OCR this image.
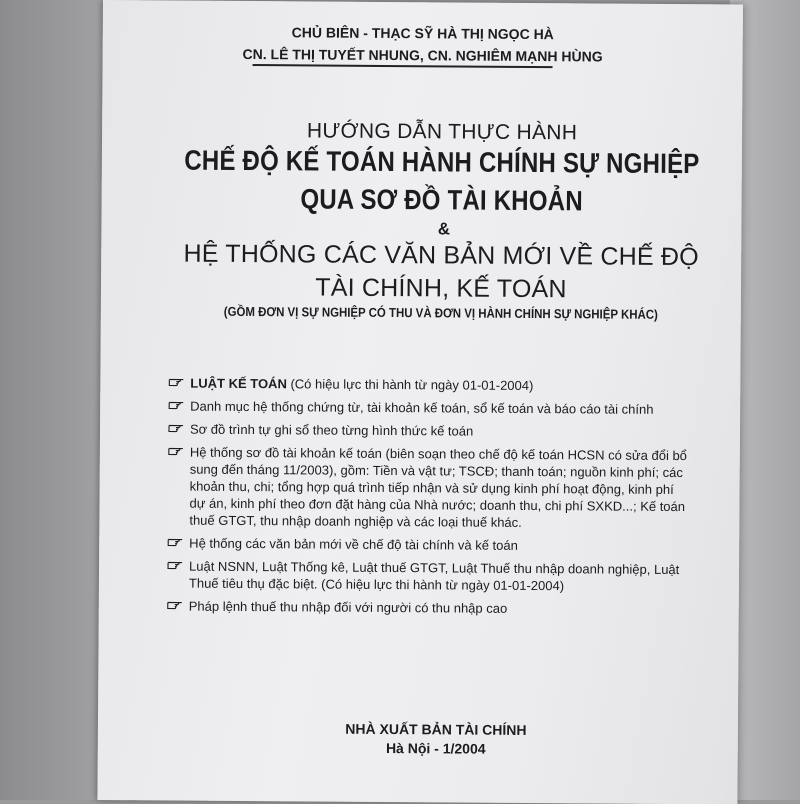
CHỦ BIÊN - THẠC SỸ HÀ THỊ NGỌC HÀ
CN. LÊ THỊ TUYẾT NHUNG, CN. NGHIÊM MẠNH HÙNG
HƯỚNG DẪN THỰC HÀNH
CHẾ ĐỘ KẾ TOÁN HÀNH CHÍNH SỰ NGHIỆP
QUA SƠ ĐỒ TÀI KHOẢN
&
HỆ THỐNG CÁC VĂN BẢN MỚI VỀ CHẾ ĐỘ
TÀI CHÍNH, KẾ TOÁN
(GỒM ĐƠN VỊ SỰ NGHIỆP CÓ THU VÀ ĐƠN VỊ HÀNH CHÍNH SỰ NGHIỆP KHÁC)
LUẬT KẾ TOÁN (Có hiệu lực thi hành từ ngày 01-01-2004)
Danh mục hệ thống chứng từ, tài khoản kế toán, sổ kế toán và báo cáo tài chính
Sơ đồ trình tự ghi sổ theo từng hình thức kế toán
Hệ thống sơ đồ tài khoản kế toán (biên soạn theo chế độ kế toán HCSN có sửa đổi bổ sung đến tháng 11/2003), gồm: Tiền và vật tư; TSCĐ; thanh toán; nguồn kinh phí; các khoản thu, chi; tổng hợp quá trình tiếp nhận và sử dụng kinh phí hoạt động, kinh phí dự án, kinh phí theo đơn đặt hàng của Nhà nước; doanh thu, chi phí SXKD...; Kế toán thuế GTGT, thu nhập doanh nghiệp và các loại thuế khác.
Hệ thống các văn bản mới về chế độ tài chính và kế toán
Luật NSNN, Luật Thống kê, Luật thuế GTGT, Luật Thuế thu nhập doanh nghiệp, Luật Thuế tiêu thụ đặc biệt. (Có hiệu lực thi hành từ ngày 01-01-2004)
Pháp lệnh thuế thu nhập đối với người có thu nhập cao
NHÀ XUẤT BẢN TÀI CHÍNH
Hà Nội - 1/2004
